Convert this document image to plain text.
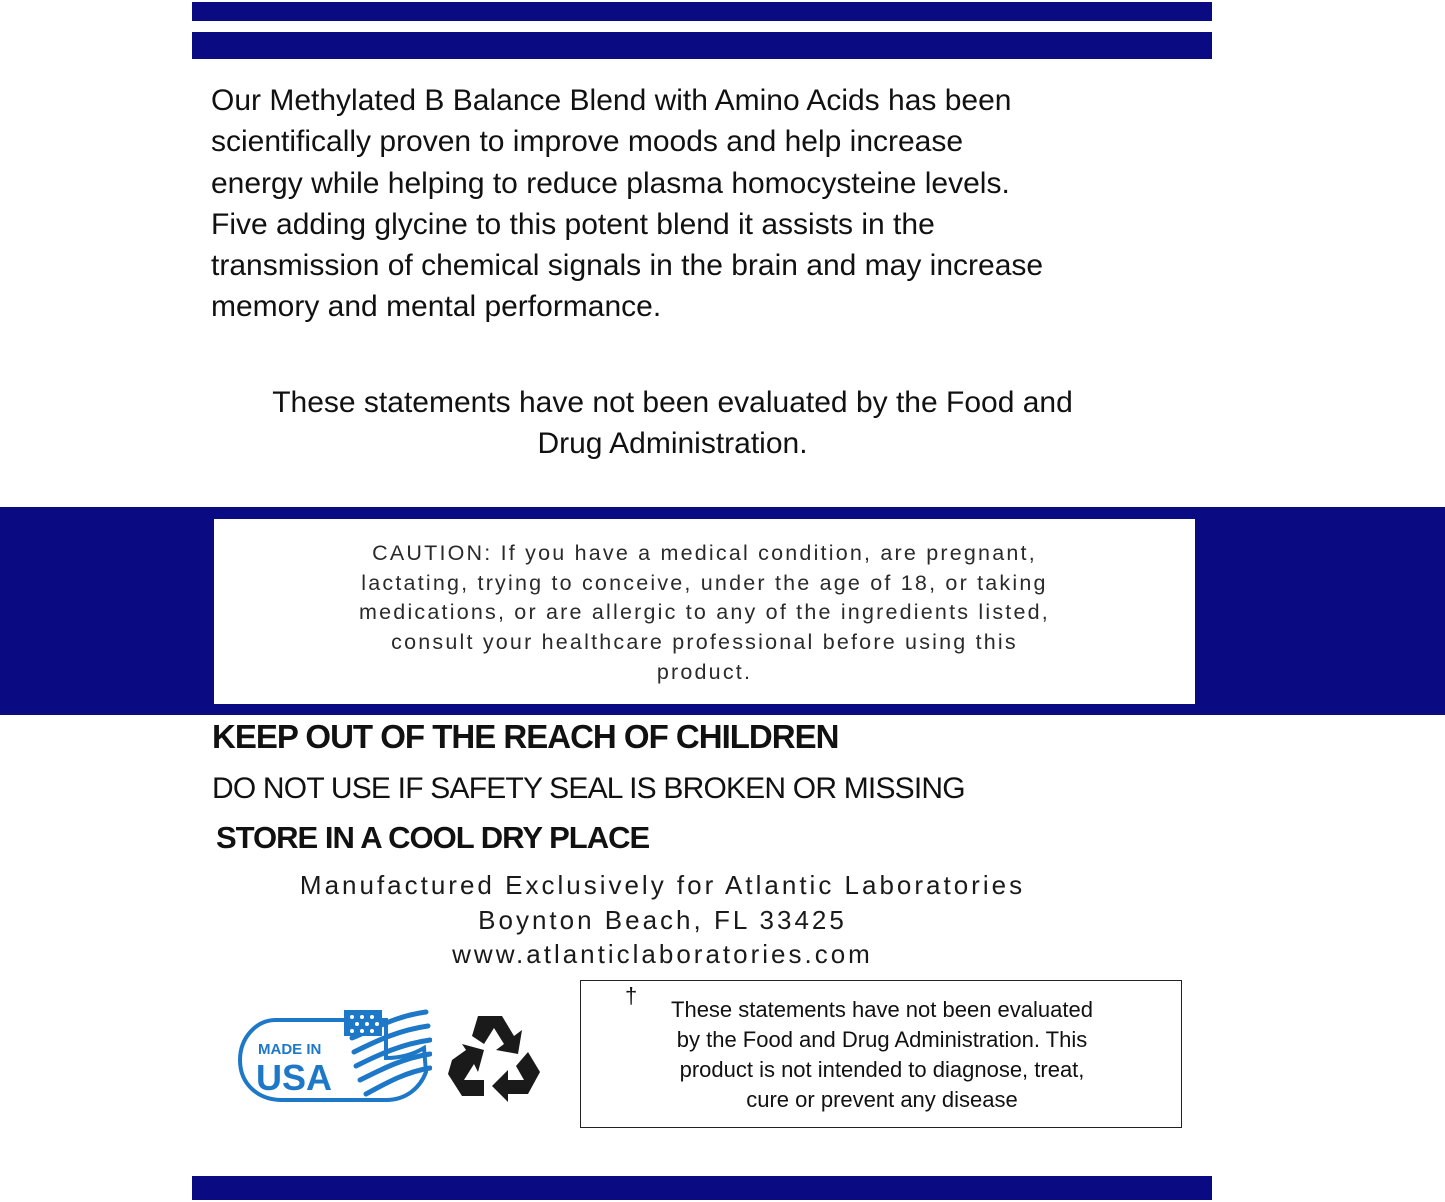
Our Methylated B Balance Blend with Amino Acids has been
scientifically proven to improve moods and help increase
energy while helping to reduce plasma homocysteine levels.
Five adding glycine to this potent blend it assists in the
transmission of chemical signals in the brain and may increase
memory and mental performance.

These statements have not been evaluated by the Food and
Drug Administration.

CAUTION: If you have a medical condition, are pregnant,
lactating, trying to conceive, under the age of 18, or taking
medications, or are allergic to any of the ingredients listed,
consult your healthcare professional before using this
product.

KEEP OUT OF THE REACH OF CHILDREN

DO NOT USE IF SAFETY SEAL IS BROKEN OR MISSING

STORE IN A COOL DRY PLACE

Manufactured Exclusively for Atlantic Laboratories
Boynton Beach, FL 33425
www.atlanticlaboratories.com
MADE IN
USA
†

These statements have not been evaluated
by the Food and Drug Administration. This
product is not intended to diagnose, treat,
cure or prevent any disease
